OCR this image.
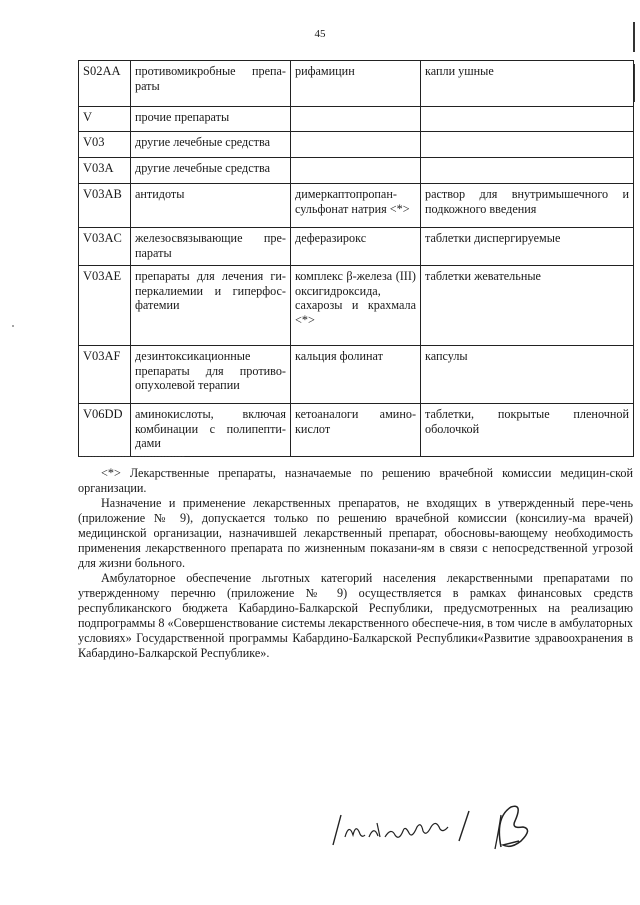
45
S02AA	противомикробные препа-раты	рифамицин	капли ушные
V	прочие препараты		
V03	другие лечебные средства		
V03A	другие лечебные средства		
V03AB	антидоты	димеркаптопропан-сульфонат натрия <*>	раствор для внутримышечного и подкожного введения
V03AC	железосвязывающие пре-параты	деферазирокс	таблетки диспергируемые
V03AE	препараты для лечения ги-перкалиемии и гиперфос-фатемии	комплекс β-железа (III) оксигидроксида, сахарозы и крахмала <*>	таблетки жевательные
V03AF	дезинтоксикационные препараты для противо-опухолевой терапии	кальция фолинат	капсулы
V06DD	аминокислоты, включая комбинации с полипепти-дами	кетоаналоги амино-кислот	таблетки, покрытые пленочной оболочкой
--------------------------------

<*> Лекарственные препараты, назначаемые по решению врачебной комиссии медицин-ской организации.

Назначение и применение лекарственных препаратов, не входящих в утвержденный пере-чень (приложение № 9), допускается только по решению врачебной комиссии (консилиу-ма врачей) медицинской организации, назначившей лекарственный препарат, обосновы-вающему необходимость применения лекарственного препарата по жизненным показани-ям в связи с непосредственной угрозой для жизни больного.

Амбулаторное обеспечение льготных категорий населения лекарственными препаратами по утвержденному перечню (приложение № 9) осуществляется в рамках финансовых средств республиканского бюджета Кабардино-Балкарской Республики, предусмотренных на реализацию подпрограммы 8 «Совершенствование системы лекарственного обеспече-ния, в том числе в амбулаторных условиях» Государственной программы Кабардино-Балкарской Республики«Развитие здравоохранения в Кабардино-Балкарской Республике».
